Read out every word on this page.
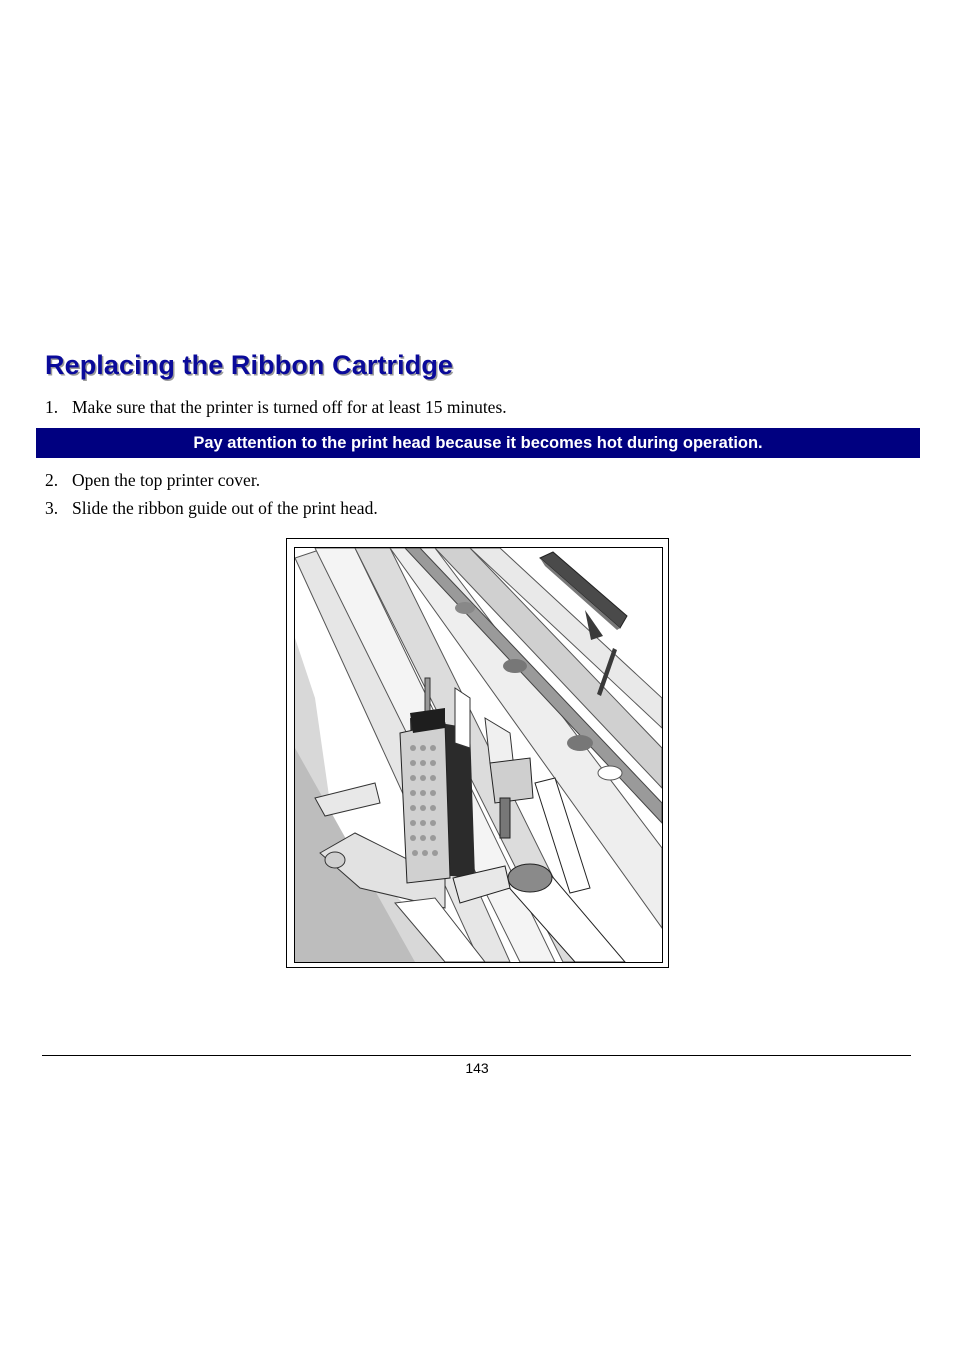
Replacing the Ribbon Cartridge
1. Make sure that the printer is turned off for at least 15 minutes.
Pay attention to the print head because it becomes hot during operation.
2. Open the top printer cover.
3. Slide the ribbon guide out of the print head.
143
